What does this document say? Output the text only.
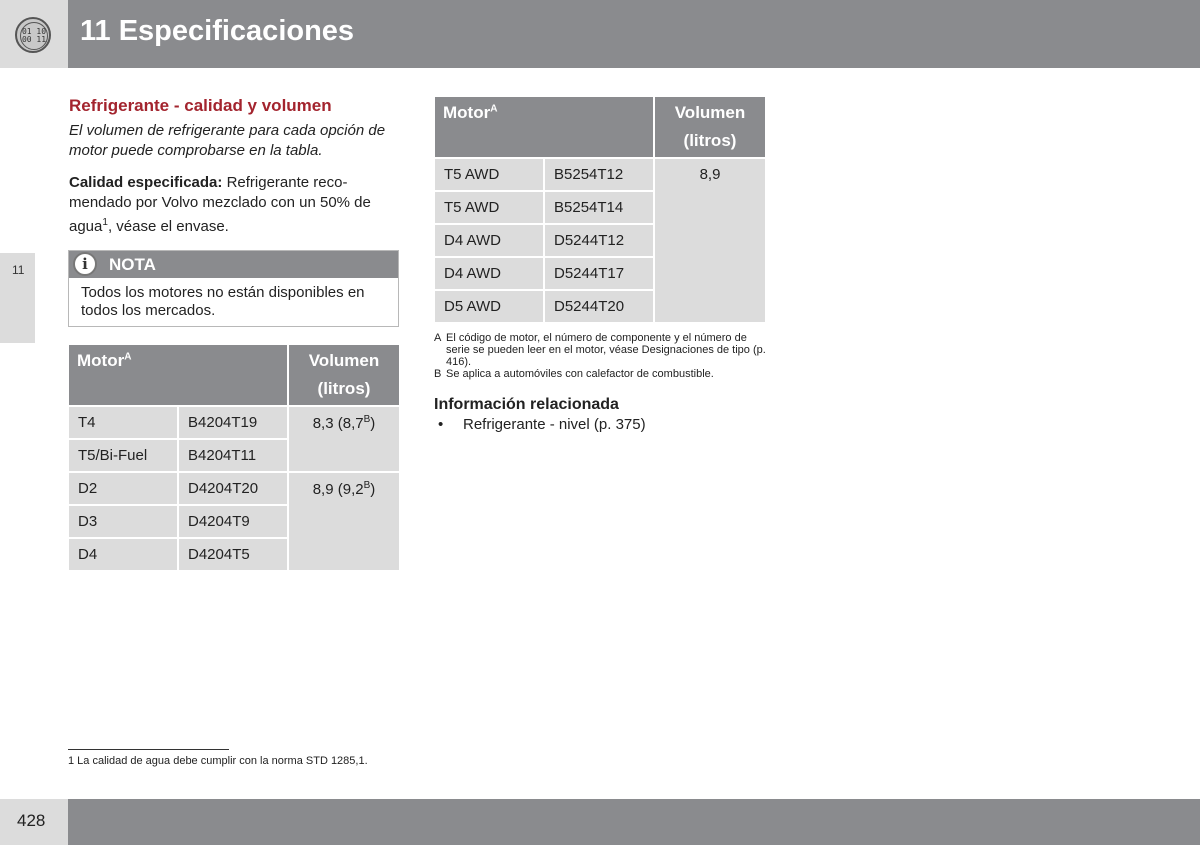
01 10
00 11 11 Especificaciones
11
Refrigerante - calidad y volumen

El volumen de refrigerante para cada opción de motor puede comprobarse en la tabla.

Calidad especificada: Refrigerante reco-mendado por Volvo mezclado con un 50% de agua$^1$, véase el envase.

i	NOTA
Todos los motores no están disponibles en todos los mercados.
Motor$^A$		Volumen
(litros)
T4	B4204T19	8,3 $(8,7^B)$
T5/Bi-Fuel	B4204T11	
D2	D4204T20	8,9 $(9,2^B)$
D3	D4204T9	
D4	D4204T5	
Motor$^A$		Volumen
(litros)
T5 AWD	B5254T12	8,9
T5 AWD	B5254T14	
D4 AWD	D5244T12	
D4 AWD	D5244T17	
D5 AWD	D5244T20	
A El código de motor, el número de componente y el número de serie se pueden leer en el motor, véase Designaciones de tipo (p. 416).
B Se aplica a automóviles con calefactor de combustible.
Información relacionada
• Refrigerante - nivel (p. 375)
1 La calidad de agua debe cumplir con la norma STD 1285,1.
428
